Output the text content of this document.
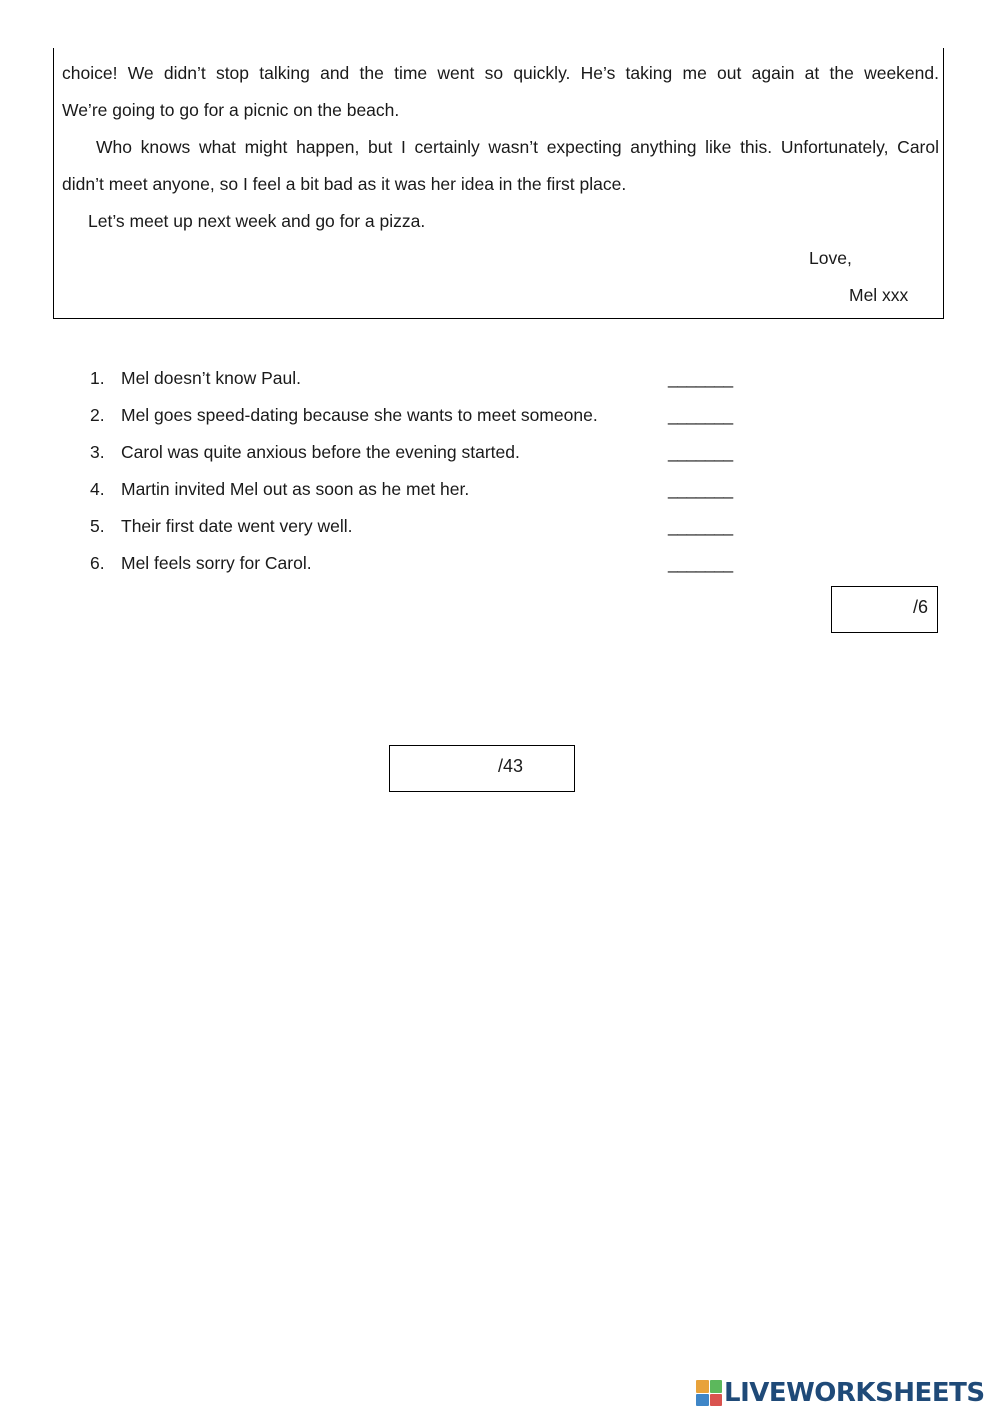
choice! We didn’t stop talking and the time went so quickly. He’s taking me out again at the weekend.
We’re going to go for a picnic on the beach.
Who knows what might happen, but I certainly wasn’t expecting anything like this. Unfortunately, Carol
didn’t meet anyone, so I feel a bit bad as it was her idea in the first place.
Let’s meet up next week and go for a pizza.
Love,
Mel xxx
1. Mel doesn’t know Paul.	_______
2. Mel goes speed-dating because she wants to meet someone.	_______
3. Carol was quite anxious before the evening started.	_______
4. Martin invited Mel out as soon as he met her.	_______
5. Their first date went very well.	_______
6. Mel feels sorry for Carol.	_______
/6
/43
LIVEWORKSHEETS
